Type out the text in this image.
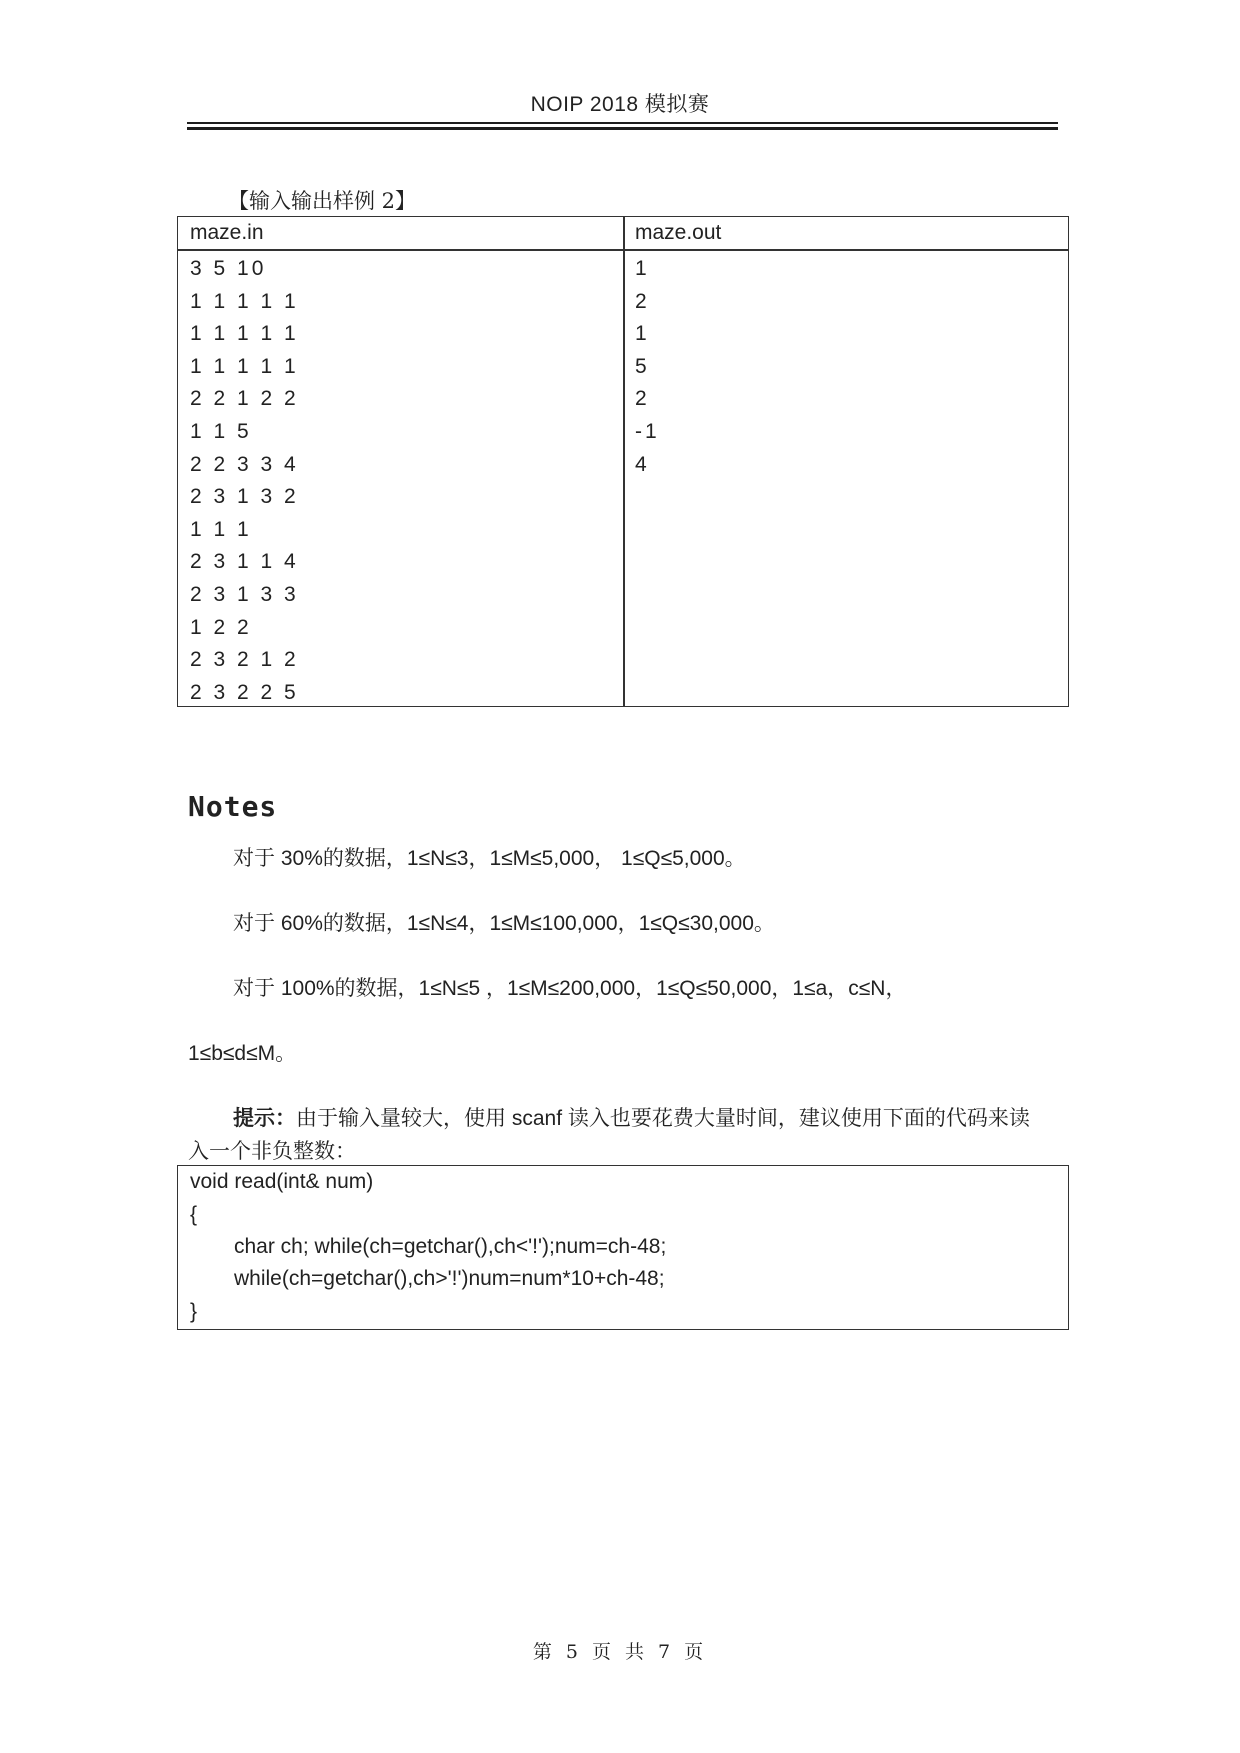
NOIP 2018 模拟赛
【输入输出样例 2】
maze.in	maze.out
3 5 10
1 1 1 1 1
1 1 1 1 1
1 1 1 1 1
2 2 1 2 2
1 1 5
2 2 3 3 4
2 3 1 3 2
1 1 1
2 3 1 1 4
2 3 1 3 3
1 2 2
2 3 2 1 2
2 3 2 2 5
1
2
1
5
2
-1
4
Notes
对于 30%的数据，1≤N≤3，1≤M≤5,000， 1≤Q≤5,000。
对于 60%的数据，1≤N≤4，1≤M≤100,000，1≤Q≤30,000。
对于 100%的数据，1≤N≤5 ，1≤M≤200,000，1≤Q≤50,000，1≤a，c≤N，
1≤b≤d≤M。
提示：由于输入量较大，使用 scanf 读入也要花费大量时间，建议使用下面的代码来读
入一个非负整数：
void read(int& num)
{
char ch; while(ch=getchar(),ch<'!');num=ch-48;
while(ch=getchar(),ch>'!')num=num*10+ch-48;
}
第 5 页 共 7 页
